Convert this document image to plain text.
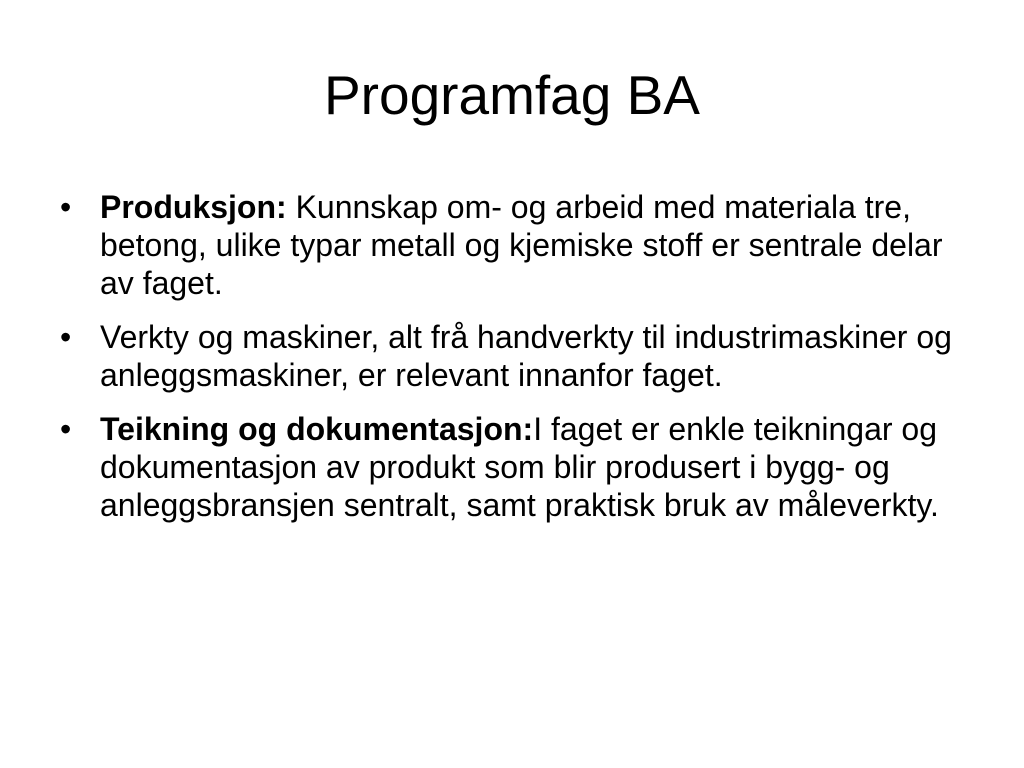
Programfag BA
• Produksjon: Kunnskap om- og arbeid med materiala tre, betong, ulike typar metall og kjemiske stoff er sentrale delar av faget.
• Verkty og maskiner, alt frå handverkty til industrimaskiner og anleggsmaskiner, er relevant innanfor faget.
• Teikning og dokumentasjon:I faget er enkle teikningar og dokumentasjon av produkt som blir produsert i bygg- og anleggsbransjen sentralt, samt praktisk bruk av måleverkty.
